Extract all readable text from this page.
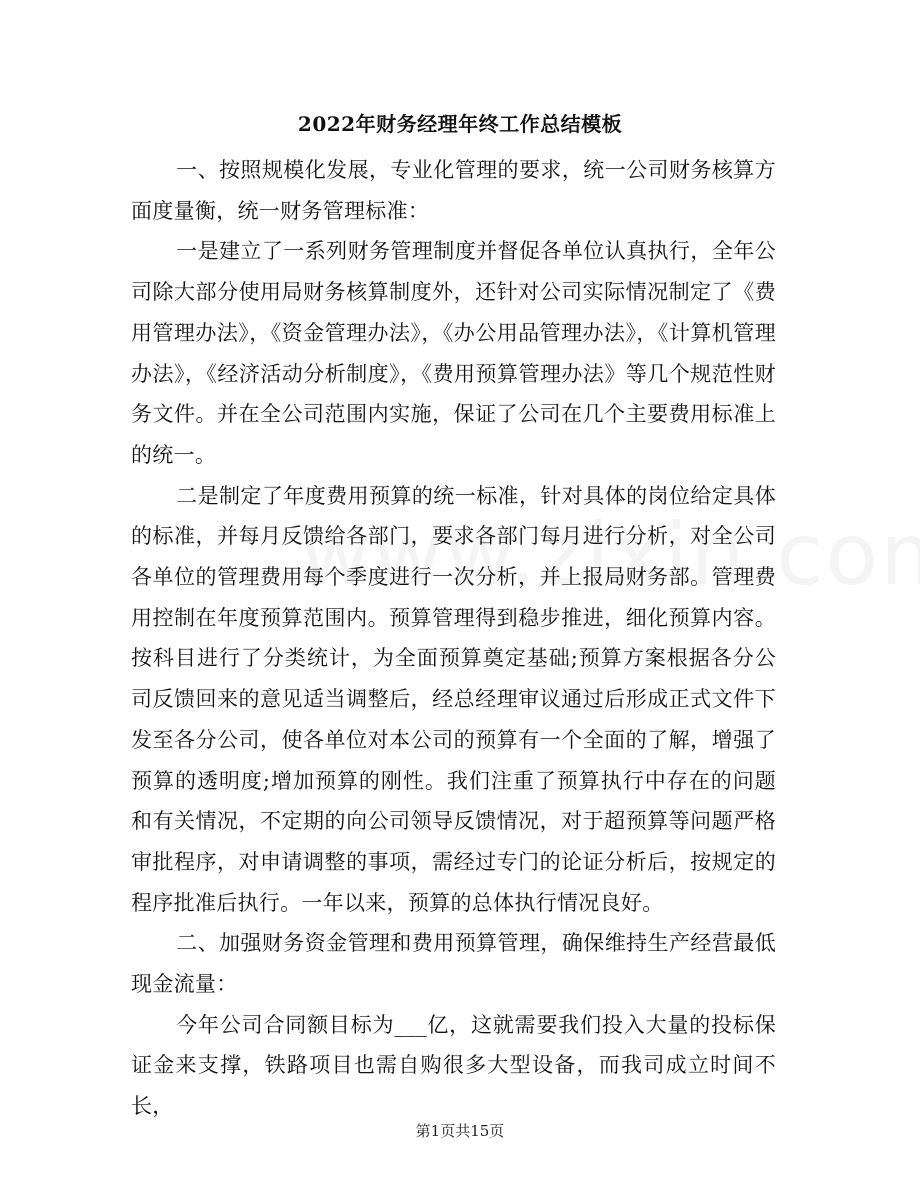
2022年财务经理年终工作总结模板

一、按照规模化发展，专业化管理的要求，统一公司财务核算方面度量衡，统一财务管理标准：

一是建立了一系列财务管理制度并督促各单位认真执行，全年公司除大部分使用局财务核算制度外，还针对公司实际情况制定了《费用管理办法》，《资金管理办法》，《办公用品管理办法》，《计算机管理办法》，《经济活动分析制度》，《费用预算管理办法》等几个规范性财务文件。并在全公司范围内实施，保证了公司在几个主要费用标准上的统一。

二是制定了年度费用预算的统一标准，针对具体的岗位给定具体的标准，并每月反馈给各部门，要求各部门每月进行分析，对全公司各单位的管理费用每个季度进行一次分析，并上报局财务部。管理费用控制在年度预算范围内。预算管理得到稳步推进，细化预算内容。按科目进行了分类统计，为全面预算奠定基础;预算方案根据各分公司反馈回来的意见适当调整后，经总经理审议通过后形成正式文件下发至各分公司，使各单位对本公司的预算有一个全面的了解，增强了预算的透明度;增加预算的刚性。我们注重了预算执行中存在的问题和有关情况，不定期的向公司领导反馈情况，对于超预算等问题严格审批程序，对申请调整的事项，需经过专门的论证分析后，按规定的程序批准后执行。一年以来，预算的总体执行情况良好。

二、加强财务资金管理和费用预算管理，确保维持生产经营最低现金流量：

今年公司合同额目标为___亿，这就需要我们投入大量的投标保证金来支撑，铁路项目也需自购很多大型设备，而我司成立时间不长，

第1页共15页
